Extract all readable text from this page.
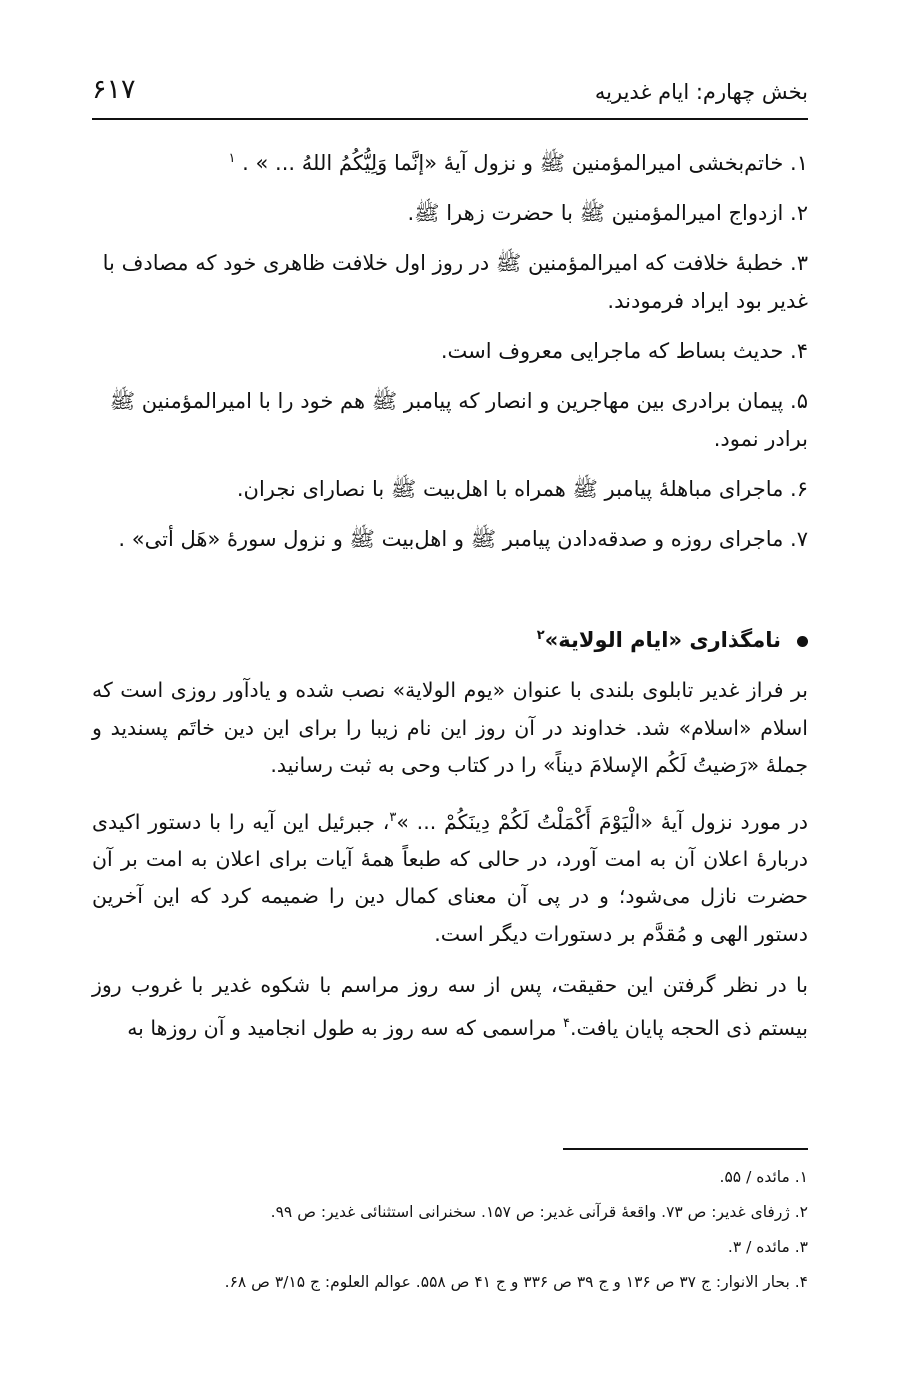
بخش چهارم: ایام غدیریه
۶۱۷

۱. خاتم‌بخشی امیرالمؤمنین ﷺ و نزول آیهٔ «إنَّما وَلِیُّکُمُ اللهُ ... » . $^۱$

۲. ازدواج امیرالمؤمنین ﷺ با حضرت زهرا ﷺ.

۳. خطبهٔ خلافت که امیرالمؤمنین ﷺ در روز اول خلافت ظاهری خود که مصادف با غدیر بود ایراد فرمودند.

۴. حدیث بساط که ماجرایی معروف است.

۵. پیمان برادری بین مهاجرین و انصار که پیامبر ﷺ هم خود را با امیرالمؤمنین ﷺ برادر نمود.

۶. ماجرای مباهلهٔ پیامبر ﷺ همراه با اهل‌بیت ﷺ با نصارای نجران.

۷. ماجرای روزه و صدقه‌دادن پیامبر ﷺ و اهل‌بیت ﷺ و نزول سورهٔ «هَل أتی» .

نامگذاری «ایام الولایة»$^۲$

بر فراز غدیر تابلوی بلندی با عنوان «یوم الولایة» نصب شده و یادآور روزی است که اسلام «اسلام» شد. خداوند در آن روز این نام زیبا را برای این دین خاتَم پسندید و جملهٔ «رَضیتُ لَکُم الإسلامَ دیناً» را در کتاب وحی به ثبت رسانید.

در مورد نزول آیهٔ «الْیَوْمَ أَکْمَلْتُ لَکُمْ دِینَکُمْ ... »$^۳$، جبرئیل این آیه را با دستور اکیدی دربارهٔ اعلان آن به امت آورد، در حالی که طبعاً همهٔ آیات برای اعلان به امت بر آن حضرت نازل می‌شود؛ و در پی آن معنای کمال دین را ضمیمه کرد که این آخرین دستور الهی و مُقدَّم بر دستورات دیگر است.

با در نظر گرفتن این حقیقت، پس از سه روز مراسم با شکوه غدیر با غروب روز بیستم ذی الحجه پایان یافت.$^۴$ مراسمی که سه روز به طول انجامید و آن روزها به

۱. مائده / ۵۵.

۲. ژرفای غدیر: ص ۷۳. واقعهٔ قرآنی غدیر: ص ۱۵۷. سخنرانی استثنائی غدیر: ص ۹۹.

۳. مائده / ۳.

۴. بحار الانوار: ج ۳۷ ص ۱۳۶ و ج ۳۹ ص ۳۳۶ و ج ۴۱ ص ۵۵۸. عوالم العلوم: ج ۳/۱۵ ص ۶۸.
